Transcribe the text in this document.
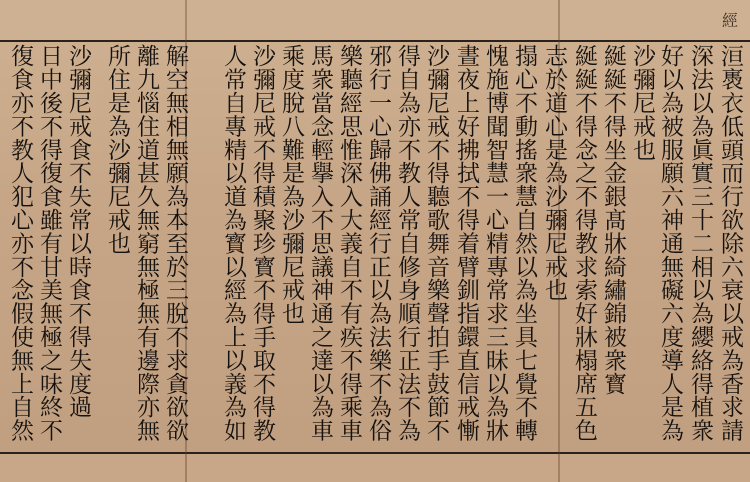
經
洹褭衣低頭而行欲除六衰以戒為香求請
深法以為眞實三十二相以為纓絡得植衆
好以為被服願六神通無礙六度導人是為
沙彌尼戒也
綖綖不得坐金銀髙牀綺繡錦被衆寳
綖綖不得念之不得教求索好牀榻席五色
志於道心是為沙彌尼戒也
搨心不動搖衆慧自然以為坐具七覺不轉
愧施博聞智慧一心精專常求三昧以為牀
晝夜上好拂拭不得着臂釧指鐶直信戒慚
沙彌尼戒不得聽歌舞音樂聲拍手鼓節不
得自為亦不教人常自修身順行正法不為
邪行一心歸佛誦經行正以為法樂不為俗
樂聽經思惟深入大義自不有疾不得乘車
馬衆當念輕擧入不思議神通之達以為車
乘度脫八難是為沙彌尼戒也
沙彌尼戒不得積聚珍寳不得手取不得教
人常自專精以道為寳以經為上以義為如
解空無相無願為本至於三脫不求貪欲欲
離九惱住道甚久無窮無極無有邊際亦無
所住是為沙彌尼戒也
沙彌尼戒食不失常以時食不得失度過
日中後不得復食雖有甘美無極之味終不
復食亦不教人犯心亦不念假使無上自然
